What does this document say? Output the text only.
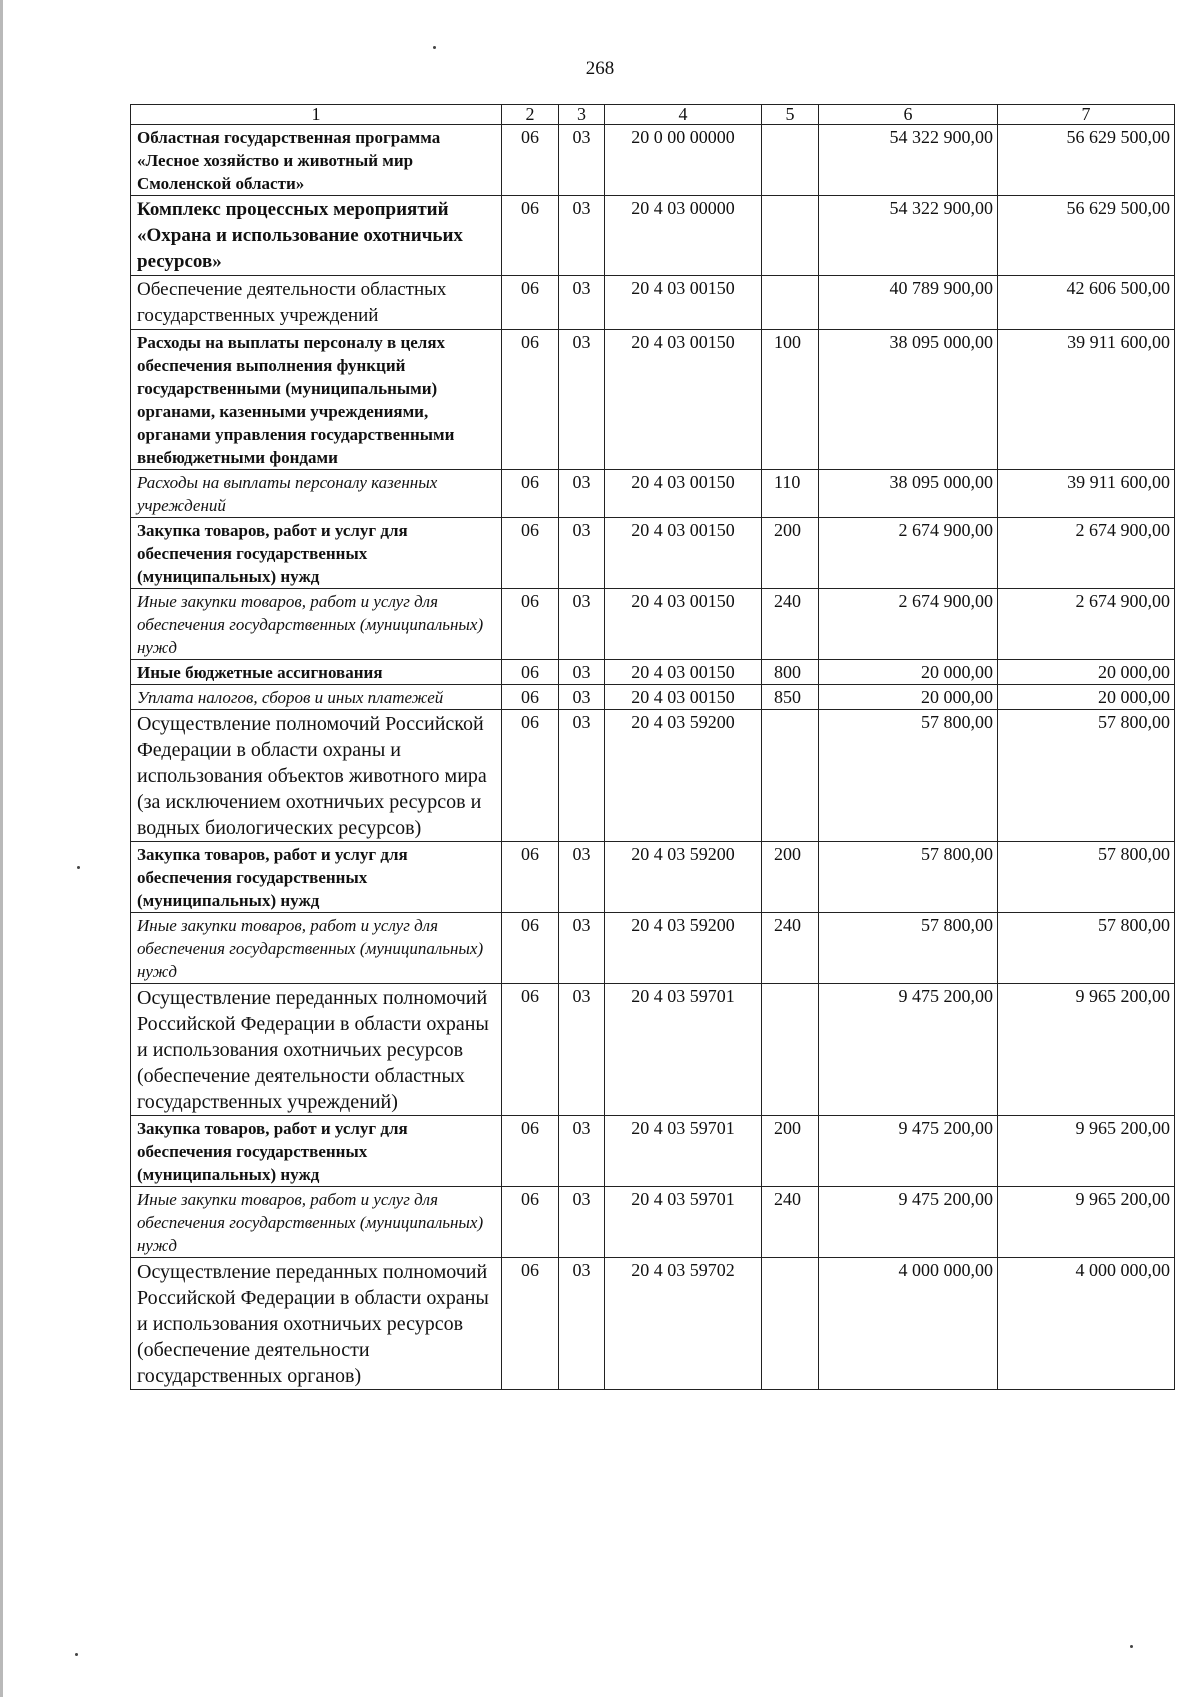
268
1	2	3	4	5	6	7
Областная государственная программа «Лесное хозяйство и животный мир Смоленской области»	06	03	20 0 00 00000		54 322 900,00	56 629 500,00
Комплекс процессных мероприятий «Охрана и использование охотничьих ресурсов»	06	03	20 4 03 00000		54 322 900,00	56 629 500,00
Обеспечение деятельности областных государственных учреждений	06	03	20 4 03 00150		40 789 900,00	42 606 500,00
Расходы на выплаты персоналу в целях обеспечения выполнения функций государственными (муниципальными) органами, казенными учреждениями, органами управления государственными внебюджетными фондами	06	03	20 4 03 00150	100	38 095 000,00	39 911 600,00
Расходы на выплаты персоналу казенных учреждений	06	03	20 4 03 00150	110	38 095 000,00	39 911 600,00
Закупка товаров, работ и услуг для обеспечения государственных (муниципальных) нужд	06	03	20 4 03 00150	200	2 674 900,00	2 674 900,00
Иные закупки товаров, работ и услуг для обеспечения государственных (муниципальных) нужд	06	03	20 4 03 00150	240	2 674 900,00	2 674 900,00
Иные бюджетные ассигнования	06	03	20 4 03 00150	800	20 000,00	20 000,00
Уплата налогов, сборов и иных платежей	06	03	20 4 03 00150	850	20 000,00	20 000,00
Осуществление полномочий Российской Федерации в области охраны и использования объектов животного мира (за исключением охотничьих ресурсов и водных биологических ресурсов)	06	03	20 4 03 59200		57 800,00	57 800,00
Закупка товаров, работ и услуг для обеспечения государственных (муниципальных) нужд	06	03	20 4 03 59200	200	57 800,00	57 800,00
Иные закупки товаров, работ и услуг для обеспечения государственных (муниципальных) нужд	06	03	20 4 03 59200	240	57 800,00	57 800,00
Осуществление переданных полномочий Российской Федерации в области охраны и использования охотничьих ресурсов (обеспечение деятельности областных государственных учреждений)	06	03	20 4 03 59701		9 475 200,00	9 965 200,00
Закупка товаров, работ и услуг для обеспечения государственных (муниципальных) нужд	06	03	20 4 03 59701	200	9 475 200,00	9 965 200,00
Иные закупки товаров, работ и услуг для обеспечения государственных (муниципальных) нужд	06	03	20 4 03 59701	240	9 475 200,00	9 965 200,00
Осуществление переданных полномочий Российской Федерации в области охраны и использования охотничьих ресурсов (обеспечение деятельности государственных органов)	06	03	20 4 03 59702		4 000 000,00	4 000 000,00
